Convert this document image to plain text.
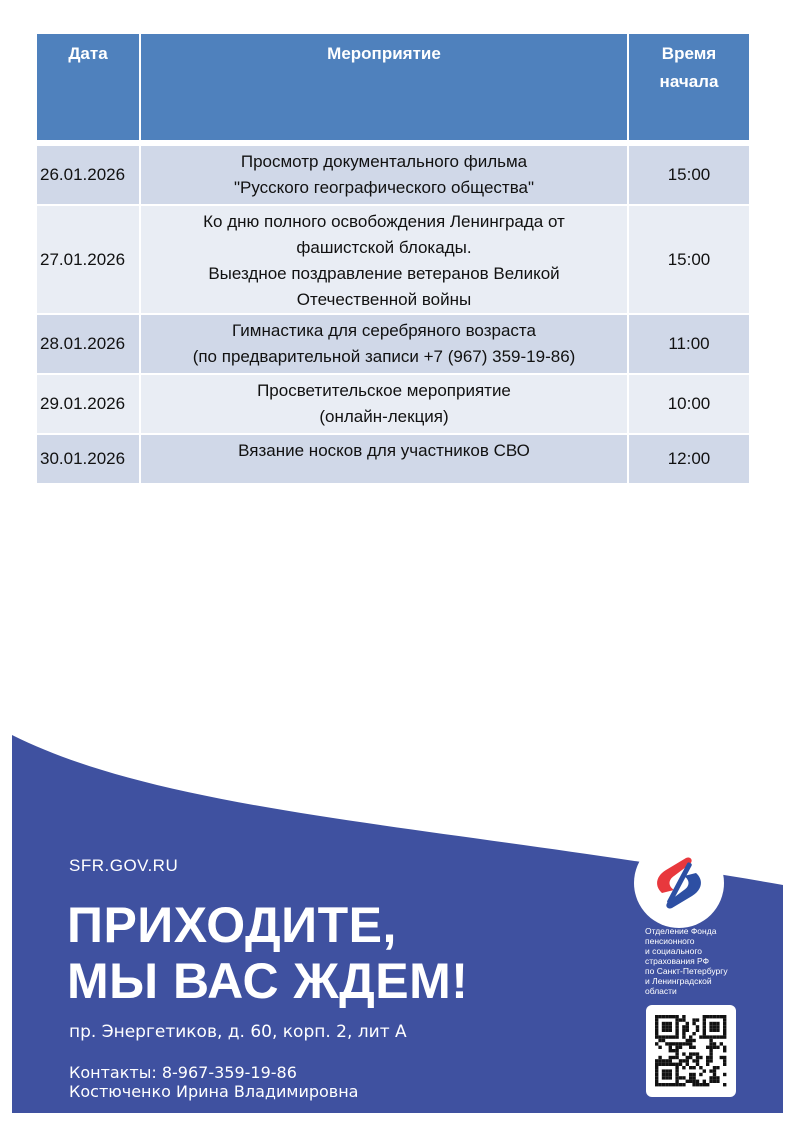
Дата	Мероприятие	Время
начала

26.01.2026	Просмотр документального фильма
"Русского географического общества"	15:00
27.01.2026	Ко дню полного освобождения Ленинграда от
фашистской блокады.
Выездное поздравление ветеранов Великой
Отечественной войны	15:00
28.01.2026	Гимнастика для серебряного возраста
(по предварительной записи +7 (967) 359-19-86)	11:00
29.01.2026	Просветительское мероприятие
(онлайн-лекция)	10:00
30.01.2026	Вязание носков для участников СВО	12:00
SFR.GOV.RU
ПРИХОДИТЕ,
МЫ ВАС ЖДЕМ!
пр. Энергетиков, д. 60, корп. 2, лит А
Контакты: 8-967-359-19-86
Костюченко Ирина Владимировна
Отделение Фонда
пенсионного
и социального
страхования РФ
по Санкт-Петербургу
и Ленинградской
области
